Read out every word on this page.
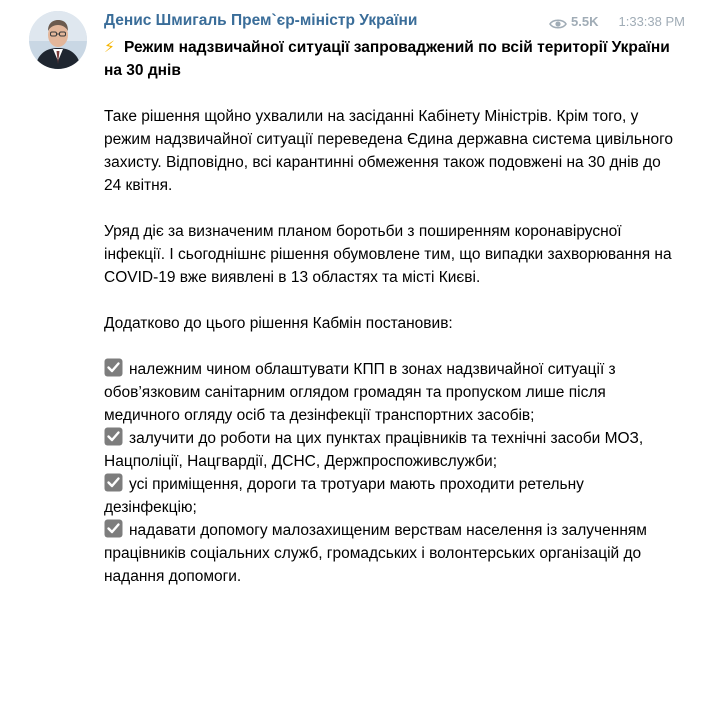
Денис Шмигаль Прем`єр-міністр України	5.5K 1:33:38 PM

⚡ Режим надзвичайної ситуації запроваджений по всій території України на 30 днів

Таке рішення щойно ухвалили на засіданні Кабінету Міністрів. Крім того, у режим надзвичайної ситуації переведена Єдина державна система цивільного захисту. Відповідно, всі карантинні обмеження також подовжені на 30 днів до 24 квітня.

Уряд діє за визначеним планом боротьби з поширенням коронавірусної інфекції. І сьогоднішнє рішення обумовлене тим, що випадки захворювання на COVID-19 вже виявлені в 13 областях та місті Києві.

Додатково до цього рішення Кабмін постановив:

належним чином облаштувати КПП в зонах надзвичайної ситуації з обов’язковим санітарним оглядом громадян та пропуском лише після медичного огляду осіб та дезінфекції транспортних засобів;

залучити до роботи на цих пунктах працівників та технічні засоби МОЗ, Нацполіції, Нацгвардії, ДСНС, Держпроспоживслужби;

усі приміщення, дороги та тротуари мають проходити ретельну дезінфекцію;

надавати допомогу малозахищеним верствам населення із залученням працівників соціальних служб, громадських і волонтерських організацій до надання допомоги.
